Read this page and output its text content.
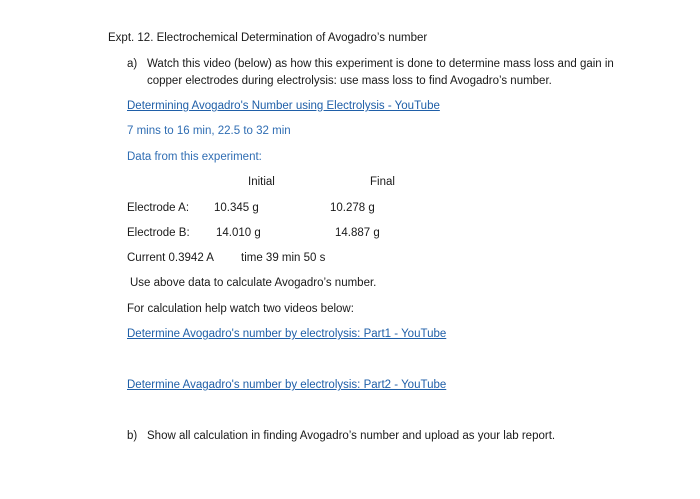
Expt. 12. Electrochemical Determination of Avogadro’s number
a) Watch this video (below) as how this experiment is done to determine mass loss and gain in
copper electrodes during electrolysis: use mass loss to find Avogadro’s number.
Determining Avogadro's Number using Electrolysis - YouTube
7 mins to 16 min, 22.5 to 32 min
Data from this experiment:
Initial	Final
Electrode A: 10.345 g	10.278 g
Electrode B: 14.010 g	14.887 g
Current 0.3942 A time 39 min 50 s
Use above data to calculate Avogadro’s number.
For calculation help watch two videos below:
Determine Avogadro's number by electrolysis: Part1 - YouTube
Determine Avagadro's number by electrolysis: Part2 - YouTube
b) Show all calculation in finding Avogadro’s number and upload as your lab report.
